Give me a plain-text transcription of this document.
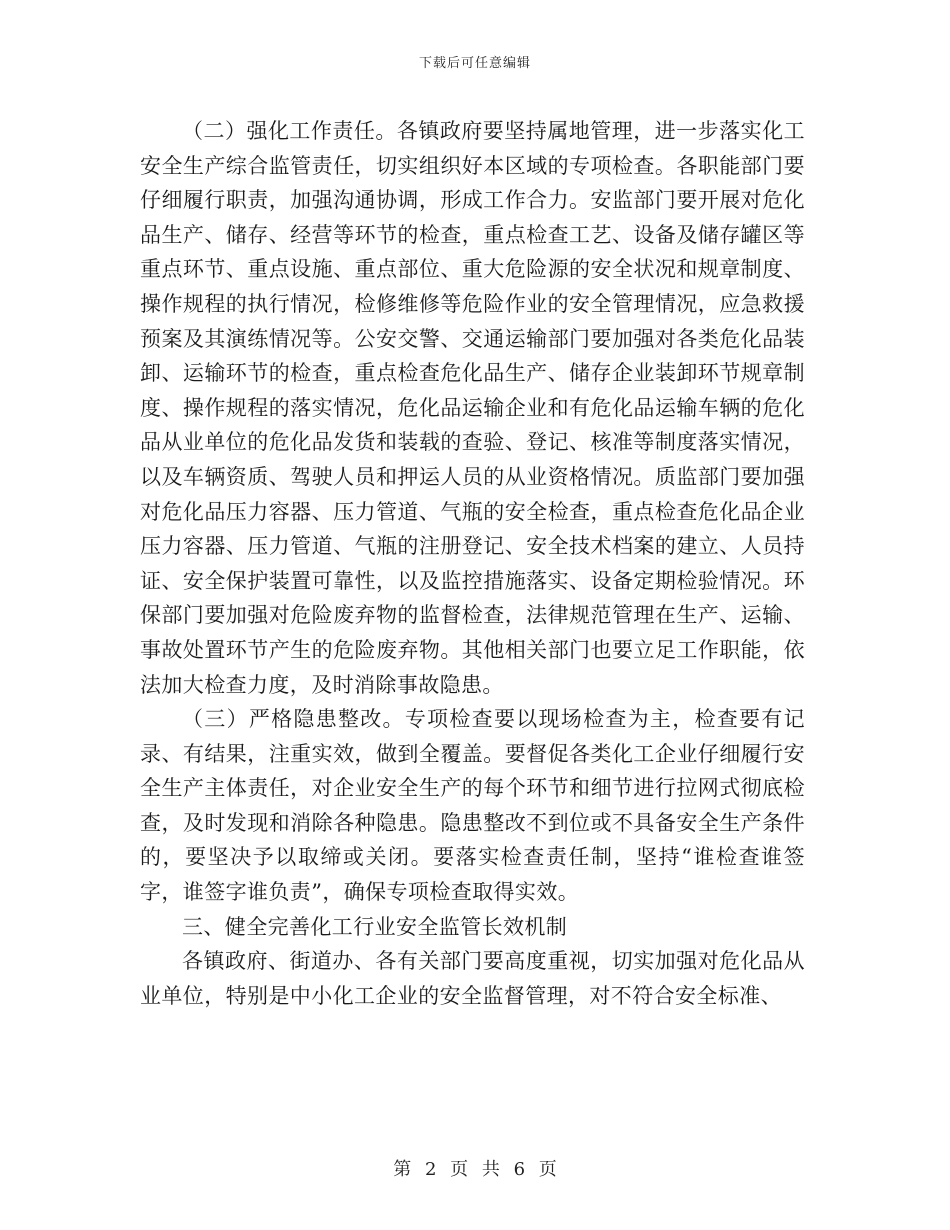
下载后可任意编辑

（二）强化工作责任。各镇政府要坚持属地管理，进一步落实化工安全生产综合监管责任，切实组织好本区域的专项检查。各职能部门要仔细履行职责，加强沟通协调，形成工作合力。安监部门要开展对危化品生产、储存、经营等环节的检查，重点检查工艺、设备及储存罐区等重点环节、重点设施、重点部位、重大危险源的安全状况和规章制度、操作规程的执行情况，检修维修等危险作业的安全管理情况，应急救援预案及其演练情况等。公安交警、交通运输部门要加强对各类危化品装卸、运输环节的检查，重点检查危化品生产、储存企业装卸环节规章制度、操作规程的落实情况，危化品运输企业和有危化品运输车辆的危化品从业单位的危化品发货和装载的查验、登记、核准等制度落实情况，以及车辆资质、驾驶人员和押运人员的从业资格情况。质监部门要加强对危化品压力容器、压力管道、气瓶的安全检查，重点检查危化品企业压力容器、压力管道、气瓶的注册登记、安全技术档案的建立、人员持证、安全保护装置可靠性，以及监控措施落实、设备定期检验情况。环保部门要加强对危险废弃物的监督检查，法律规范管理在生产、运输、事故处置环节产生的危险废弃物。其他相关部门也要立足工作职能，依法加大检查力度，及时消除事故隐患。

（三）严格隐患整改。专项检查要以现场检查为主，检查要有记录、有结果，注重实效，做到全覆盖。要督促各类化工企业仔细履行安全生产主体责任，对企业安全生产的每个环节和细节进行拉网式彻底检查，及时发现和消除各种隐患。隐患整改不到位或不具备安全生产条件的，要坚决予以取缔或关闭。要落实检查责任制，坚持“谁检查谁签字，谁签字谁负责”，确保专项检查取得实效。

三、健全完善化工行业安全监管长效机制

各镇政府、街道办、各有关部门要高度重视，切实加强对危化品从业单位，特别是中小化工企业的安全监督管理，对不符合安全标准、

第 2 页 共 6 页
